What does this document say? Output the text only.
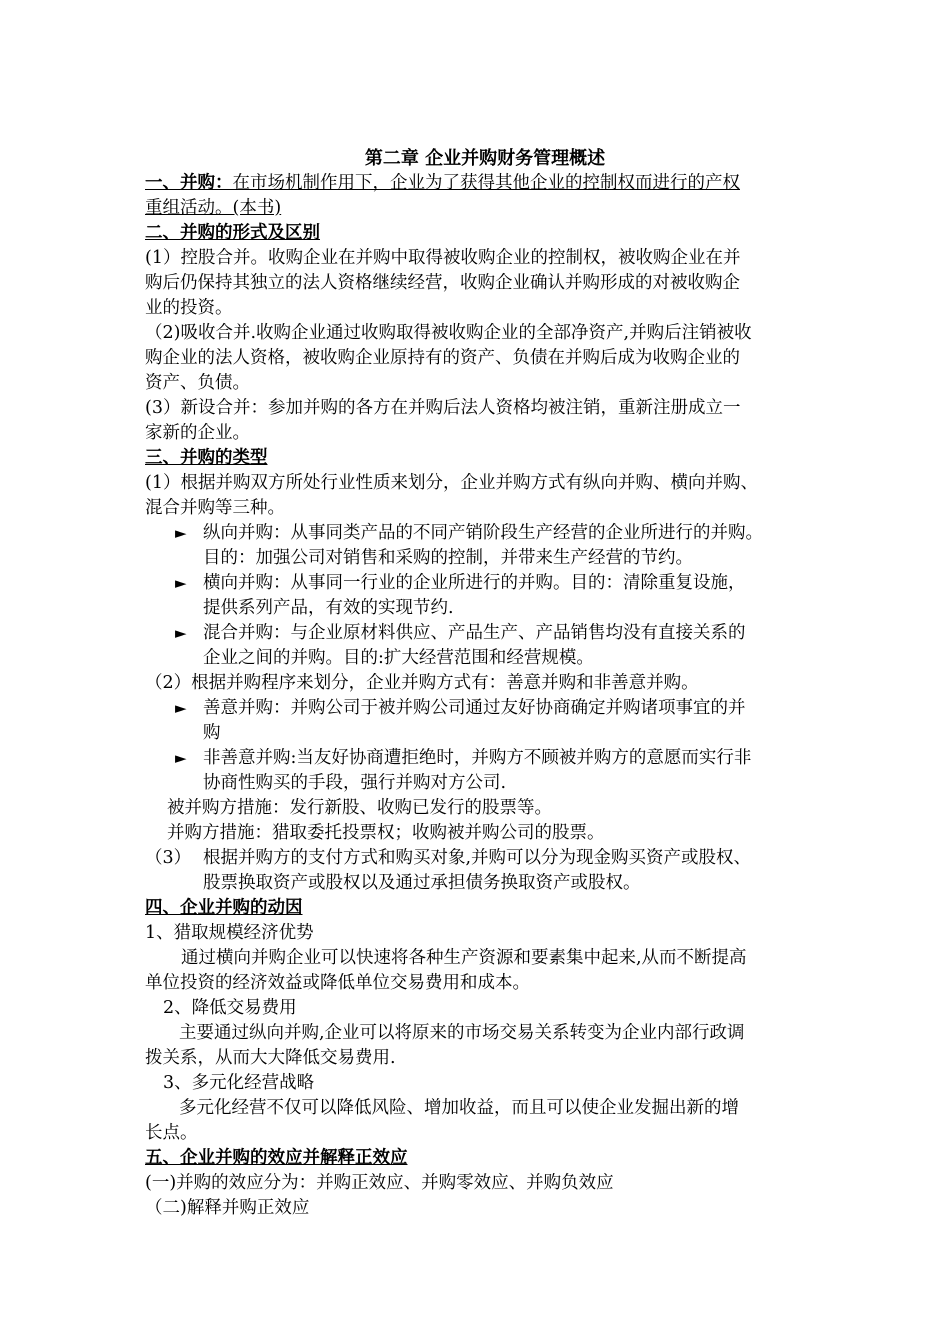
第二章 企业并购财务管理概述
一、并购：在市场机制作用下，企业为了获得其他企业的控制权而进行的产权
重组活动。(本书)
二、并购的形式及区别
(1）控股合并。收购企业在并购中取得被收购企业的控制权，被收购企业在并
购后仍保持其独立的法人资格继续经营，收购企业确认并购形成的对被收购企
业的投资。
（2)吸收合并.收购企业通过收购取得被收购企业的全部净资产,并购后注销被收
购企业的法人资格，被收购企业原持有的资产、负债在并购后成为收购企业的
资产、负债。
(3）新设合并：参加并购的各方在并购后法人资格均被注销，重新注册成立一
家新的企业。
三、并购的类型
(1）根据并购双方所处行业性质来划分，企业并购方式有纵向并购、横向并购、
混合并购等三种。
► 纵向并购：从事同类产品的不同产销阶段生产经营的企业所进行的并购。
目的：加强公司对销售和采购的控制，并带来生产经营的节约。
► 横向并购：从事同一行业的企业所进行的并购。目的：清除重复设施，
提供系列产品，有效的实现节约.
► 混合并购：与企业原材料供应、产品生产、产品销售均没有直接关系的
企业之间的并购。目的:扩大经营范围和经营规模。
（2）根据并购程序来划分，企业并购方式有：善意并购和非善意并购。
► 善意并购：并购公司于被并购公司通过友好协商确定并购诸项事宜的并
购
► 非善意并购:当友好协商遭拒绝时，并购方不顾被并购方的意愿而实行非
协商性购买的手段，强行并购对方公司.
被并购方措施：发行新股、收购已发行的股票等。
并购方措施：猎取委托投票权；收购被并购公司的股票。
（3） 根据并购方的支付方式和购买对象,并购可以分为现金购买资产或股权、
股票换取资产或股权以及通过承担债务换取资产或股权。
四、企业并购的动因
1、猎取规模经济优势
通过横向并购企业可以快速将各种生产资源和要素集中起来,从而不断提高
单位投资的经济效益或降低单位交易费用和成本。
2、降低交易费用
主要通过纵向并购,企业可以将原来的市场交易关系转变为企业内部行政调
拨关系，从而大大降低交易费用.
3、多元化经营战略
多元化经营不仅可以降低风险、增加收益，而且可以使企业发掘出新的增
长点。
五、企业并购的效应并解释正效应
(一)并购的效应分为：并购正效应、并购零效应、并购负效应
（二)解释并购正效应
